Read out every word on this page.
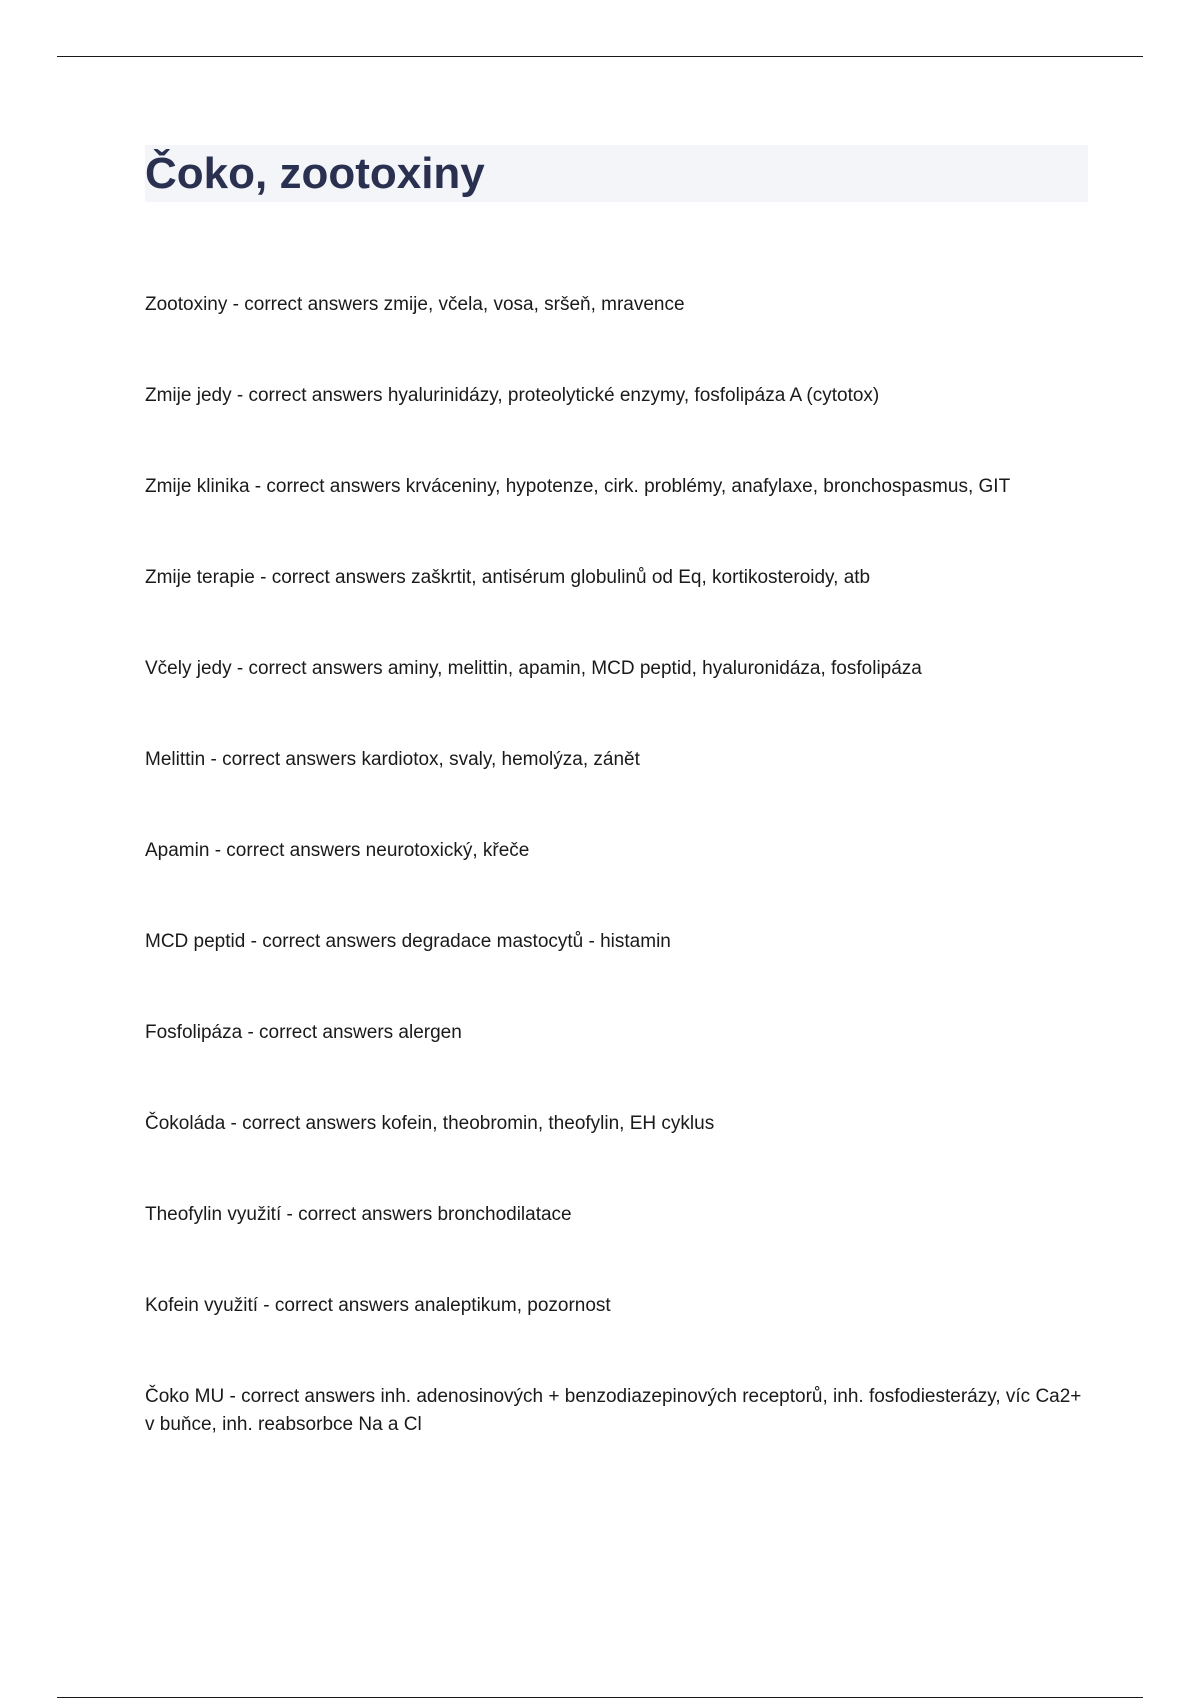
Čoko, zootoxiny
Zootoxiny - correct answers zmije, včela, vosa, sršeň, mravence
Zmije jedy - correct answers hyalurinidázy, proteolytické enzymy, fosfolipáza A (cytotox)
Zmije klinika - correct answers krváceniny, hypotenze, cirk. problémy, anafylaxe, bronchospasmus, GIT
Zmije terapie - correct answers zaškrtit, antisérum globulinů od Eq, kortikosteroidy, atb
Včely jedy - correct answers aminy, melittin, apamin, MCD peptid, hyaluronidáza, fosfolipáza
Melittin - correct answers kardiotox, svaly, hemolýza, zánět
Apamin - correct answers neurotoxický, křeče
MCD peptid - correct answers degradace mastocytů - histamin
Fosfolipáza - correct answers alergen
Čokoláda - correct answers kofein, theobromin, theofylin, EH cyklus
Theofylin využití - correct answers bronchodilatace
Kofein využití - correct answers analeptikum, pozornost
Čoko MU - correct answers inh. adenosinových + benzodiazepinových receptorů, inh. fosfodiesterázy, víc Ca2+ v buňce, inh. reabsorbce Na a Cl
